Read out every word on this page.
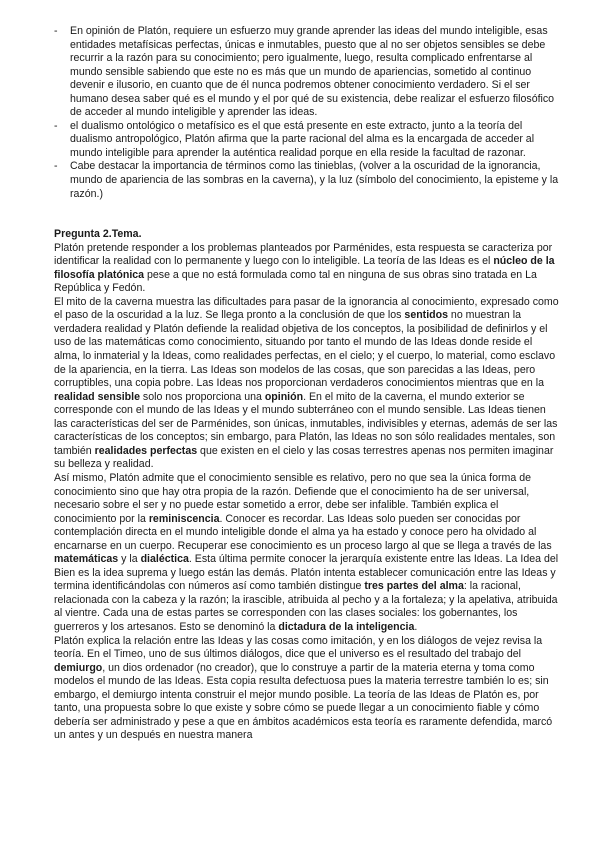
- En opinión de Platón, requiere un esfuerzo muy grande aprender las ideas del mundo inteligible, esas entidades metafísicas perfectas, únicas e inmutables, puesto que al no ser objetos sensibles se debe recurrir a la razón para su conocimiento; pero igualmente, luego, resulta complicado enfrentarse al mundo sensible sabiendo que este no es más que un mundo de apariencias, sometido al continuo devenir e ilusorio, en cuanto que de él nunca podremos obtener conocimiento verdadero. Si el ser humano desea saber qué es el mundo y el por qué de su existencia, debe realizar el esfuerzo filosófico de acceder al mundo inteligible y aprender las ideas.
- el dualismo ontológico o metafísico es el que está presente en este extracto, junto a la teoría del dualismo antropológico, Platón afirma que la parte racional del alma es la encargada de acceder al mundo inteligible para aprender la auténtica realidad porque en ella reside la facultad de razonar.
- Cabe destacar la importancia de términos como las tinieblas, (volver a la oscuridad de la ignorancia, mundo de apariencia de las sombras en la caverna), y la luz (símbolo del conocimiento, la episteme y la razón.)

Pregunta 2.Tema.

Platón pretende responder a los problemas planteados por Parménides, esta respuesta se caracteriza por identificar la realidad con lo permanente y luego con lo inteligible. La teoría de las Ideas es el núcleo de la filosofía platónica pese a que no está formulada como tal en ninguna de sus obras sino tratada en La República y Fedón.

El mito de la caverna muestra las dificultades para pasar de la ignorancia al conocimiento, expresado como el paso de la oscuridad a la luz. Se llega pronto a la conclusión de que los sentidos no muestran la verdadera realidad y Platón defiende la realidad objetiva de los conceptos, la posibilidad de definirlos y el uso de las matemáticas como conocimiento, situando por tanto el mundo de las Ideas donde reside el alma, lo inmaterial y la Ideas, como realidades perfectas, en el cielo; y el cuerpo, lo material, como esclavo de la apariencia, en la tierra. Las Ideas son modelos de las cosas, que son parecidas a las Ideas, pero corruptibles, una copia pobre. Las Ideas nos proporcionan verdaderos conocimientos mientras que en la realidad sensible solo nos proporciona una opinión. En el mito de la caverna, el mundo exterior se corresponde con el mundo de las Ideas y el mundo subterráneo con el mundo sensible. Las Ideas tienen las características del ser de Parménides, son únicas, inmutables, indivisibles y eternas, además de ser las características de los conceptos; sin embargo, para Platón, las Ideas no son sólo realidades mentales, son también realidades perfectas que existen en el cielo y las cosas terrestres apenas nos permiten imaginar su belleza y realidad.

Así mismo, Platón admite que el conocimiento sensible es relativo, pero no que sea la única forma de conocimiento sino que hay otra propia de la razón. Defiende que el conocimiento ha de ser universal, necesario sobre el ser y no puede estar sometido a error, debe ser infalible. También explica el conocimiento por la reminiscencia. Conocer es recordar. Las Ideas solo pueden ser conocidas por contemplación directa en el mundo inteligible donde el alma ya ha estado y conoce pero ha olvidado al encarnarse en un cuerpo. Recuperar ese conocimiento es un proceso largo al que se llega a través de las matemáticas y la dialéctica. Esta última permite conocer la jerarquía existente entre las Ideas. La Idea del Bien es la idea suprema y luego están las demás. Platón intenta establecer comunicación entre las Ideas y termina identificándolas con números así como también distingue tres partes del alma: la racional, relacionada con la cabeza y la razón; la irascible, atribuida al pecho y a la fortaleza; y la apelativa, atribuida al vientre. Cada una de estas partes se corresponden con las clases sociales: los gobernantes, los guerreros y los artesanos. Esto se denominó la dictadura de la inteligencia.

Platón explica la relación entre las Ideas y las cosas como imitación, y en los diálogos de vejez revisa la teoría. En el Timeo, uno de sus últimos diálogos, dice que el universo es el resultado del trabajo del demiurgo, un dios ordenador (no creador), que lo construye a partir de la materia eterna y toma como modelos el mundo de las Ideas. Esta copia resulta defectuosa pues la materia terrestre también lo es; sin embargo, el demiurgo intenta construir el mejor mundo posible. La teoría de las Ideas de Platón es, por tanto, una propuesta sobre lo que existe y sobre cómo se puede llegar a un conocimiento fiable y cómo debería ser administrado y pese a que en ámbitos académicos esta teoría es raramente defendida, marcó un antes y un después en nuestra manera
